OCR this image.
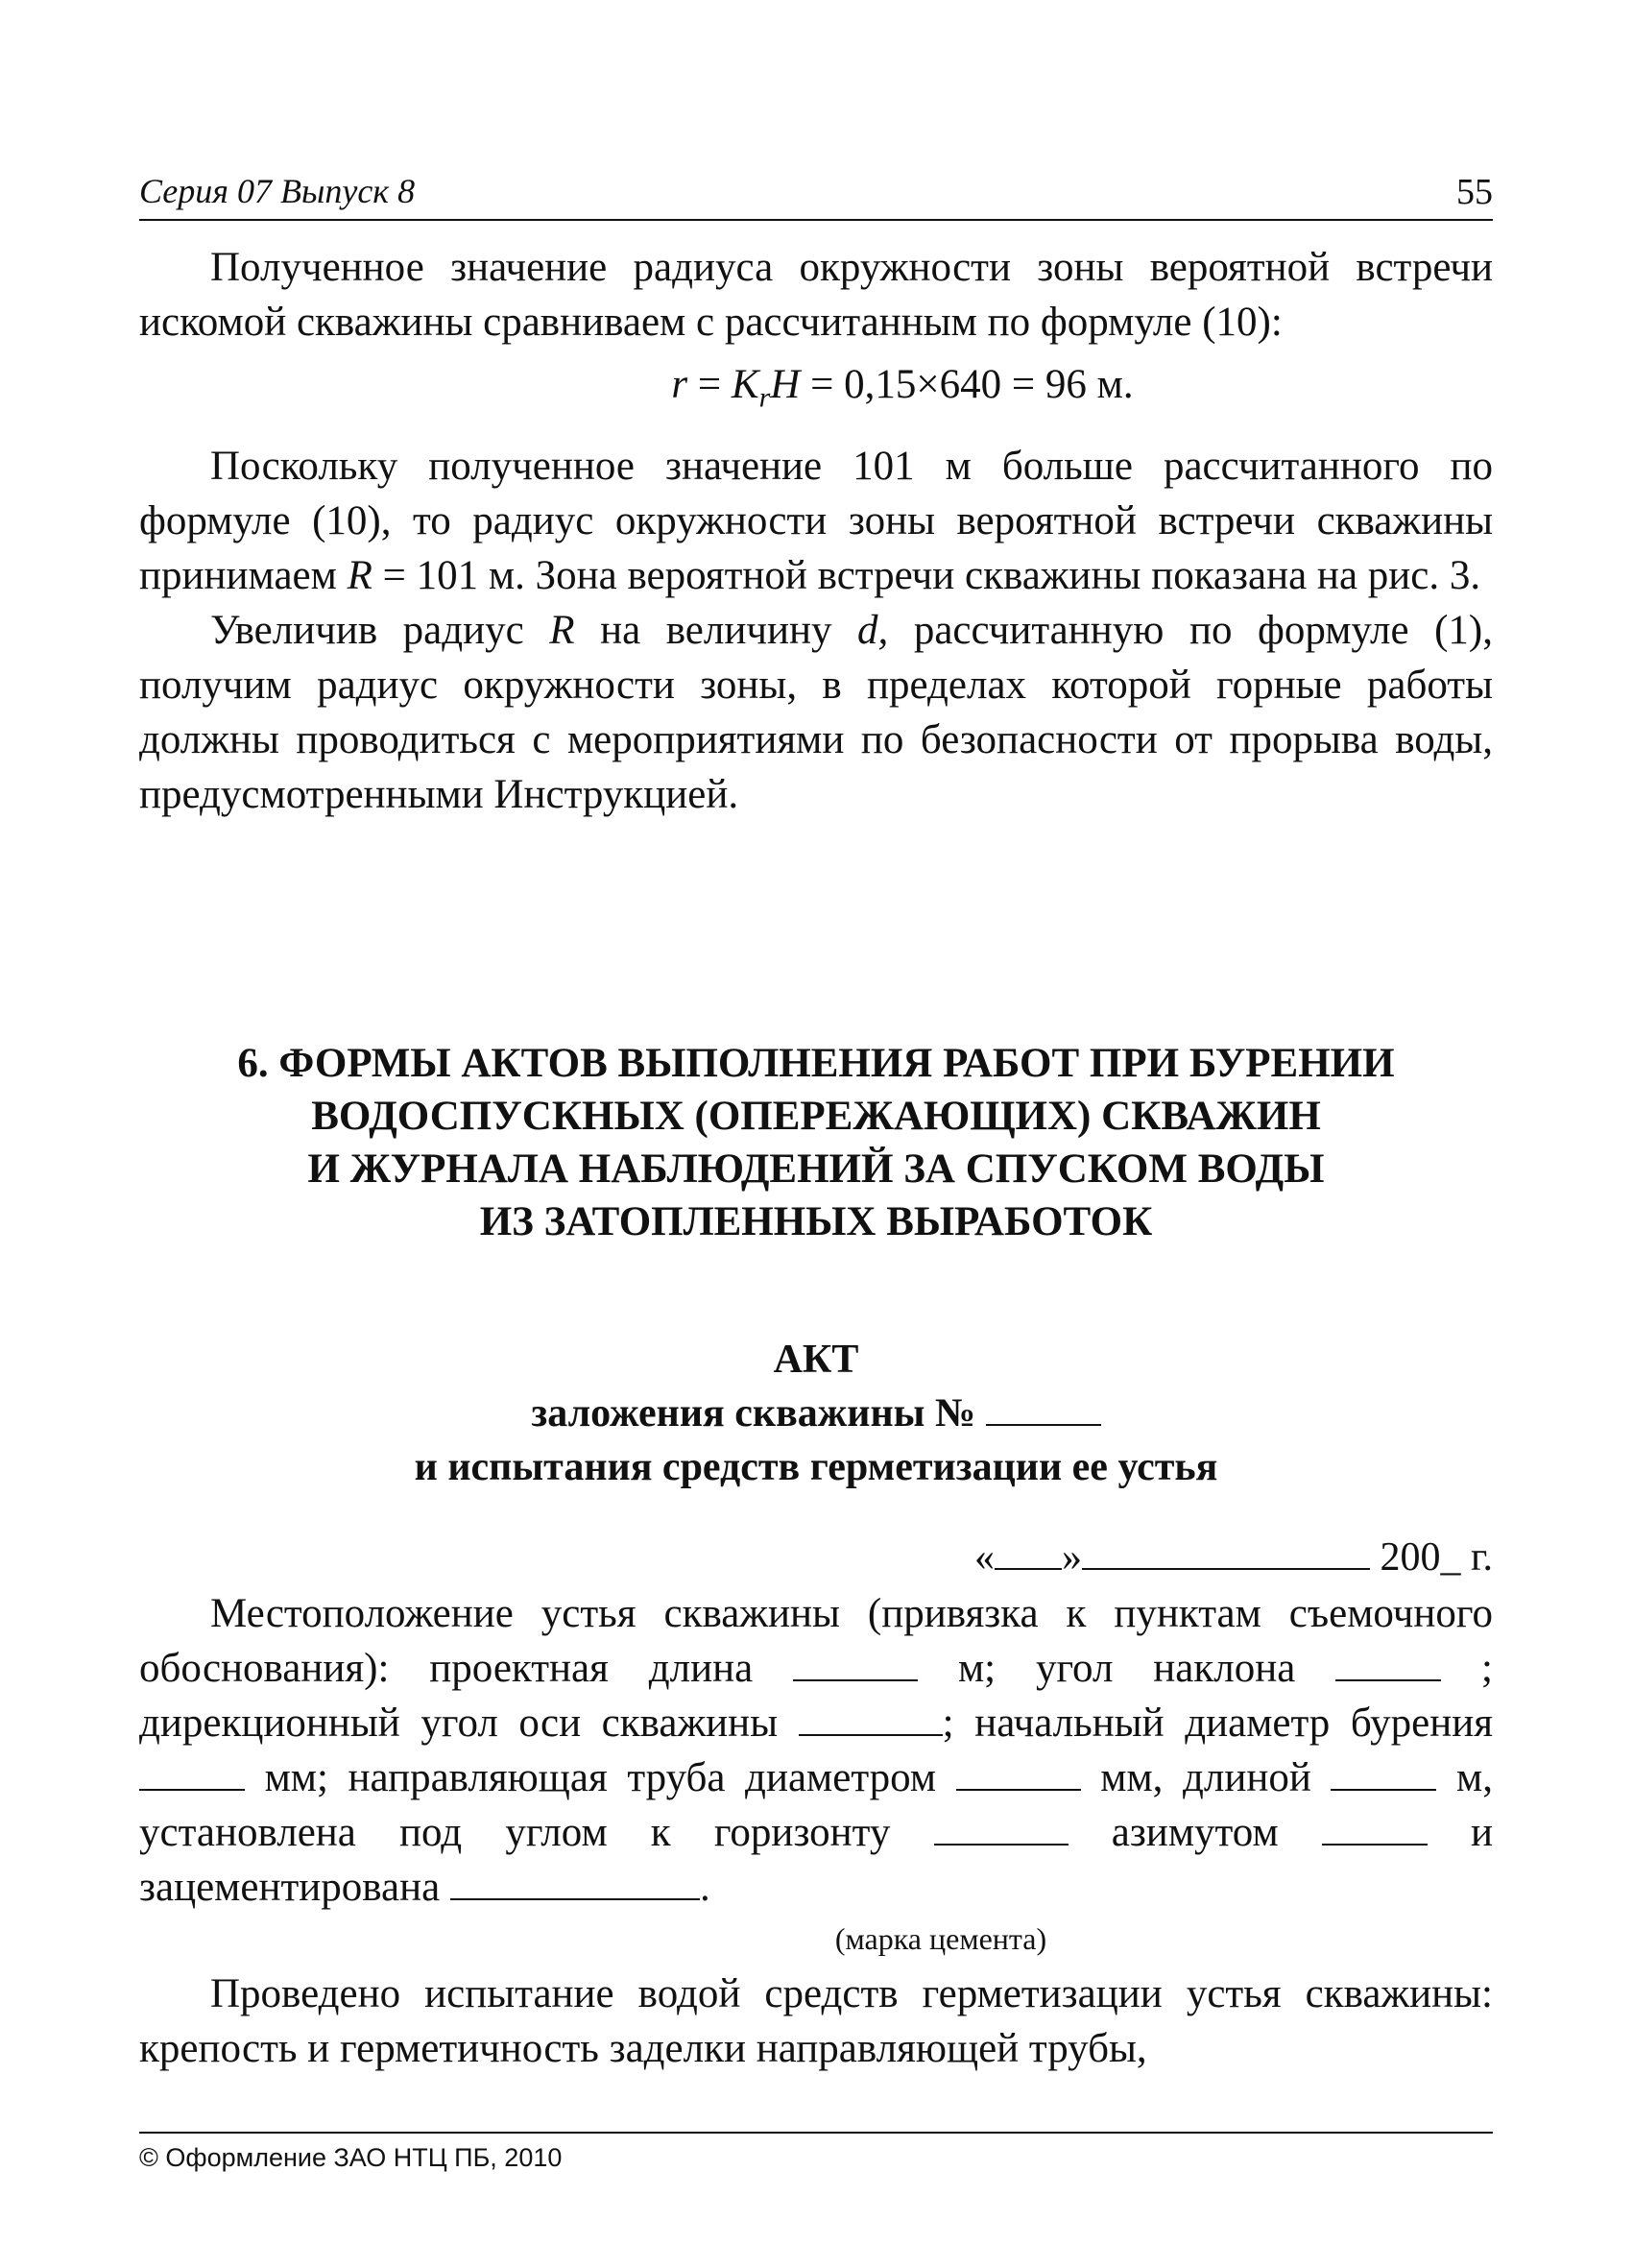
Серия 07 Выпуск 8	55

Полученное значение радиуса окружности зоны вероятной встречи искомой скважины сравниваем с рассчитанным по формуле (10):

$r = K_rH = 0,15\times 640 = 96$ м.

Поскольку полученное значение 101 м больше рассчитанного по формуле (10), то радиус окружности зоны вероятной встречи скважины принимаем R = 101 м. Зона вероятной встречи скважины показана на рис. 3.

Увеличив радиус R на величину d, рассчитанную по формуле (1), получим радиус окружности зоны, в пределах которой горные работы должны проводиться с мероприятиями по безопасности от прорыва воды, предусмотренными Инструкцией.

6. ФОРМЫ АКТОВ ВЫПОЛНЕНИЯ РАБОТ ПРИ БУРЕНИИ
ВОДОСПУСКНЫХ (ОПЕРЕЖАЮЩИХ) СКВАЖИН
И ЖУРНАЛА НАБЛЮДЕНИЙ ЗА СПУСКОМ ВОДЫ
ИЗ ЗАТОПЛЕННЫХ ВЫРАБОТОК
АКТ
заложения скважины №
и испытания средств герметизации ее устья
« »	200_ г.

Местоположение устья скважины (привязка к пунктам съемочного обоснования): проектная длина	м; угол наклона	; дирекционный угол оси скважины	; начальный диаметр бурения  мм; направляющая труба диаметром	мм, длиной	м, установлена под углом к горизонту	азимутом	и зацементирована	.

(марка цемента)

Проведено испытание водой средств герметизации устья скважины: крепость и герметичность заделки направляющей трубы,

© Оформление ЗАО НТЦ ПБ, 2010
